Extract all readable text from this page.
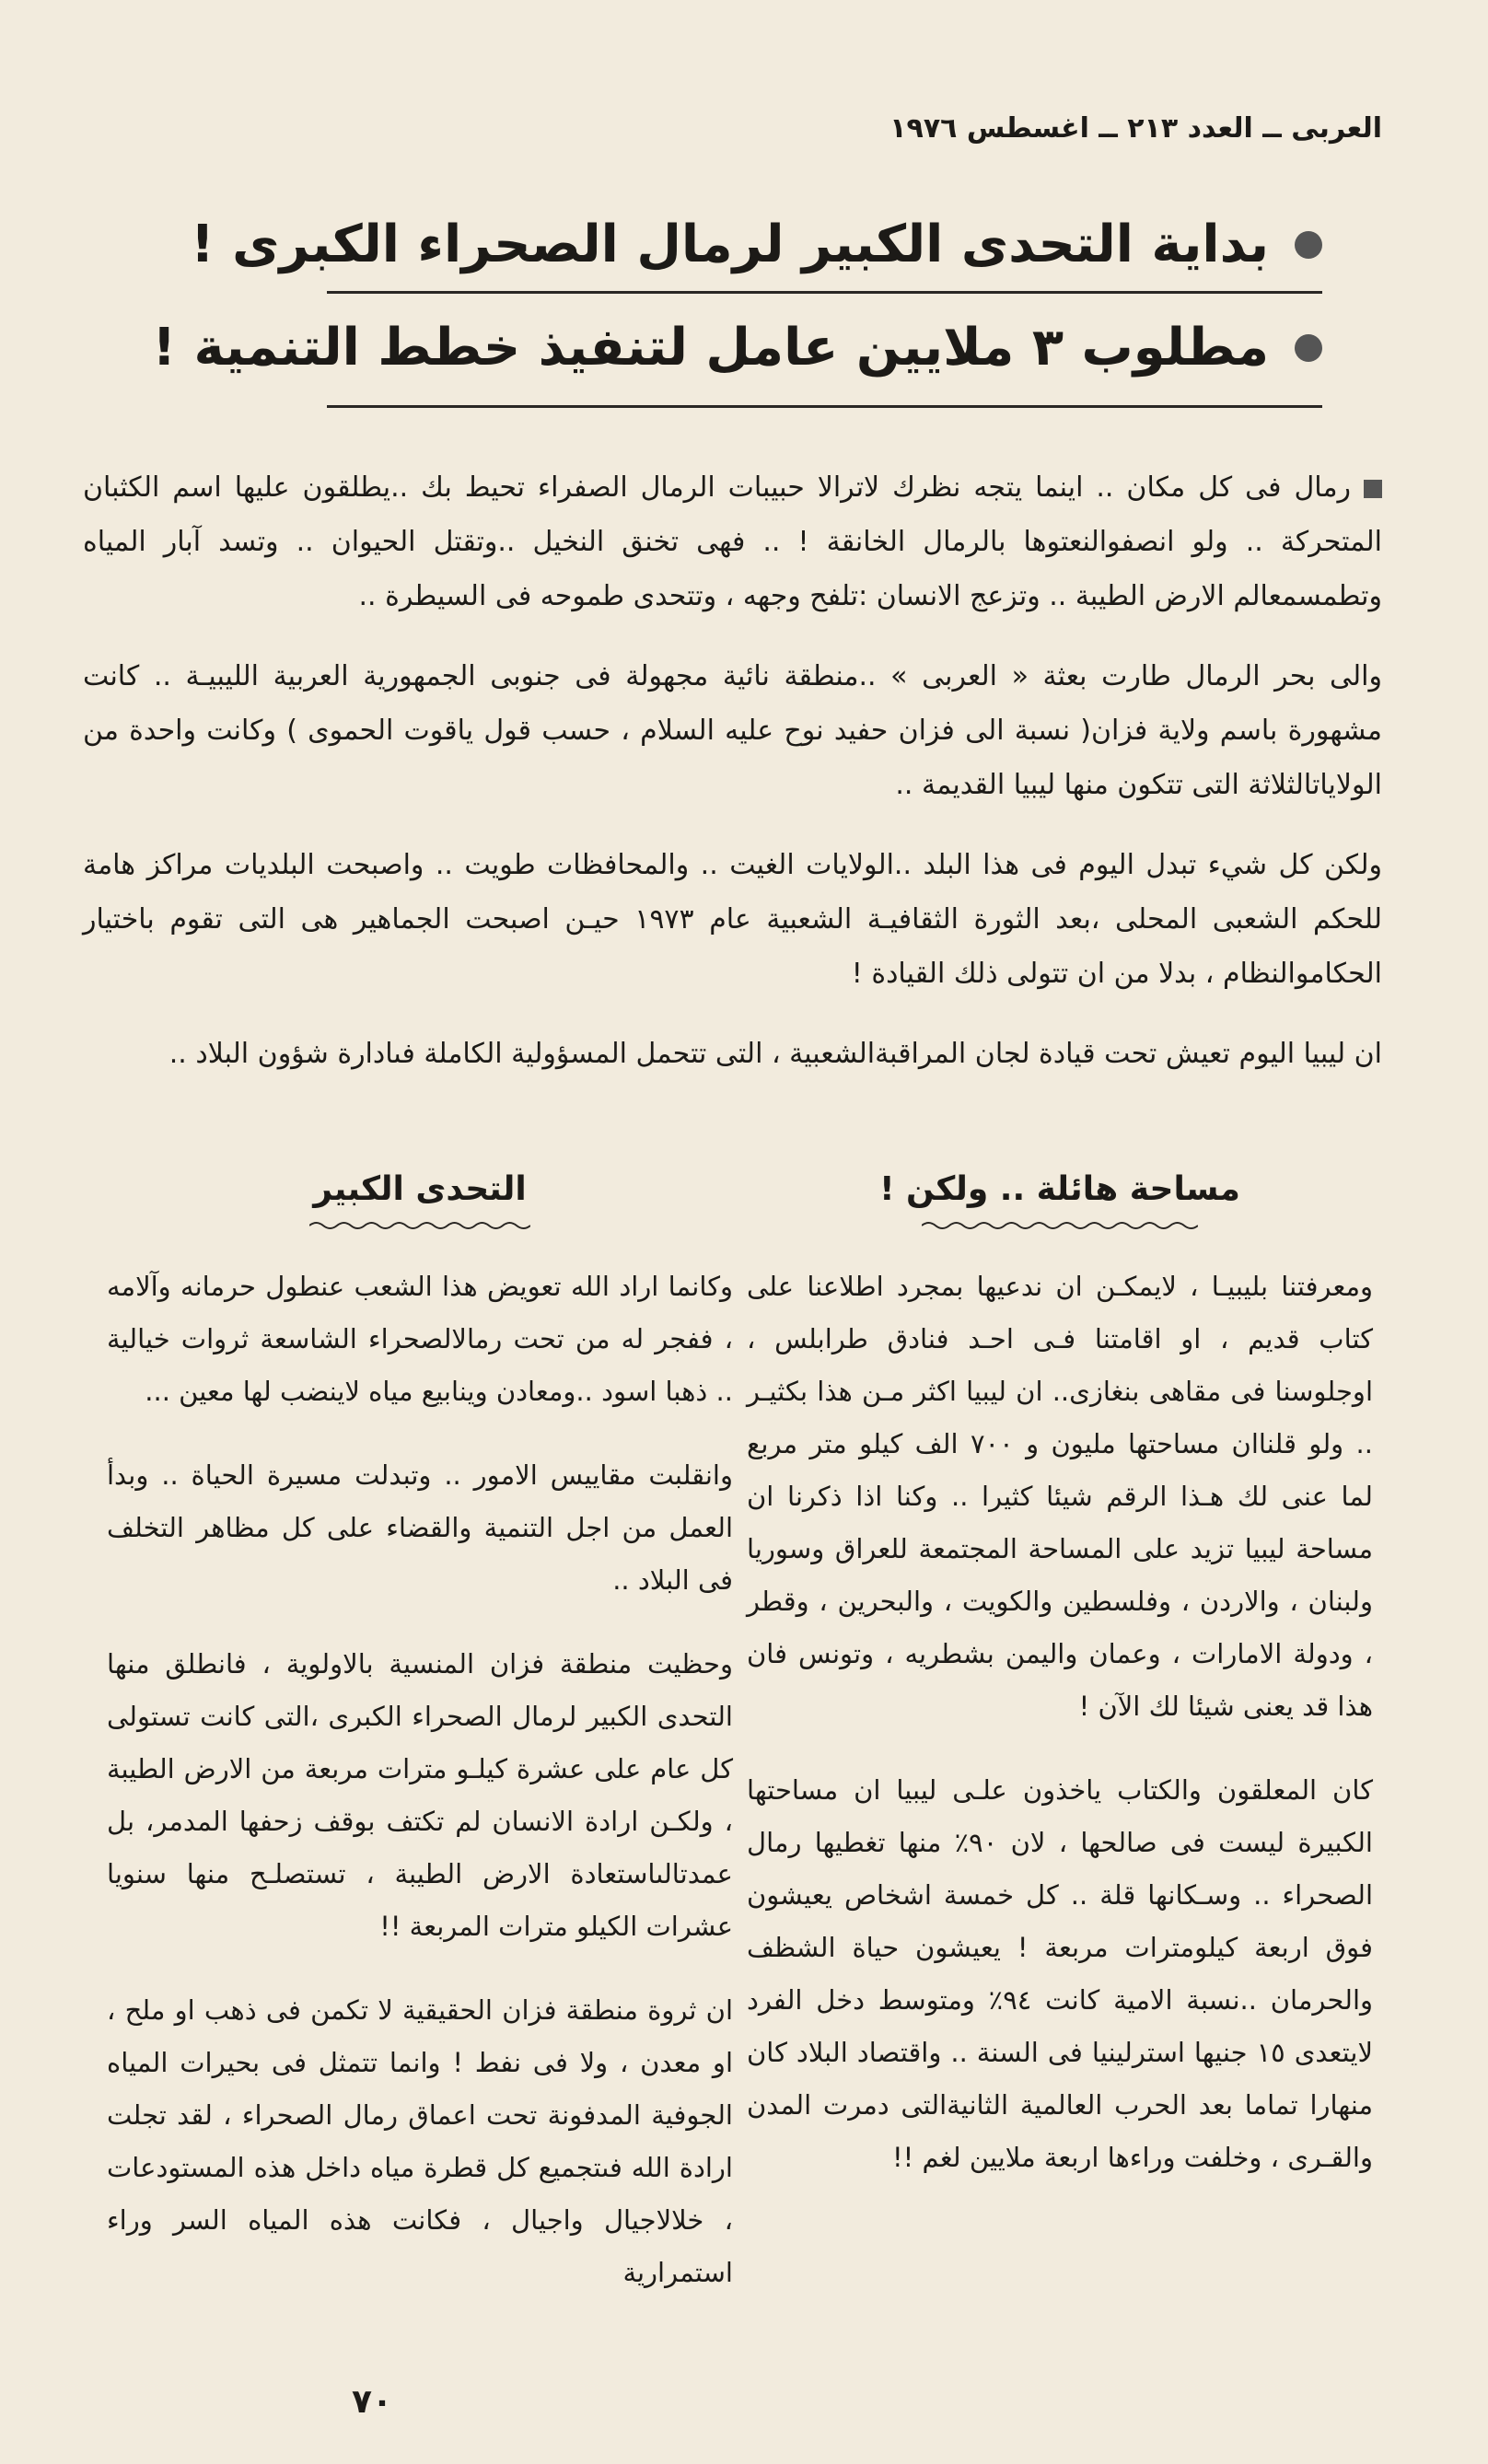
العربى ــ العدد ٢١٣ ــ اغسطس ١٩٧٦
بداية التحدى الكبير لرمال الصحراء الكبرى !
مطلوب ٣ ملايين عامل لتنفيذ خطط التنمية !

رمال فى كل مكان .. اينما يتجه نظرك لاترالا حبيبات الرمال الصفراء تحيط بك ..يطلقون عليها اسم الكثبان المتحركة .. ولو انصفوالنعتوها بالرمال الخانقة ! .. فهى تخنق النخيل ..وتقتل الحيوان .. وتسد آبار المياه وتطمسمعالم الارض الطيبة .. وتزعج الانسان :تلفح وجهه ، وتتحدى طموحه فى السيطرة ..

والى بحر الرمال طارت بعثة « العربى » ..منطقة نائية مجهولة فى جنوبى الجمهورية العربية الليبيـة .. كانت مشهورة باسم ولاية فزان( نسبة الى فزان حفيد نوح عليه السلام ، حسب قول ياقوت الحموى ) وكانت واحدة من الولاياتالثلاثة التى تتكون منها ليبيا القديمة ..

ولكن كل شيء تبدل اليوم فى هذا البلد ..الولايات الغيت .. والمحافظات طويت .. واصبحت البلديات مراكز هامة للحكم الشعبى المحلى ،بعد الثورة الثقافيـة الشعبية عام ١٩٧٣ حيـن اصبحت الجماهير هى التى تقوم باختيار الحكاموالنظام ، بدلا من ان تتولى ذلك القيادة !

ان ليبيا اليوم تعيش تحت قيادة لجان المراقبةالشعبية ، التى تتحمل المسؤولية الكاملة فىادارة شؤون البلاد ..

مساحة هائلة .. ولكن !

ومعرفتنا بليبيـا ، لايمكـن ان ندعيها بمجرد اطلاعنا على كتاب قديم ، او اقامتنا فـى احـد فنادق طرابلس ، اوجلوسنا فى مقاهى بنغازى.. ان ليبيا اكثر مـن هذا بكثيـر .. ولو قلناان مساحتها مليون و ٧٠٠ الف كيلو متر مربع لما عنى لك هـذا الرقم شيئا كثيرا .. وكنا اذا ذكرنا ان مساحة ليبيا تزيد على المساحة المجتمعة للعراق وسوريا ولبنان ، والاردن ، وفلسطين والكويت ، والبحرين ، وقطر ، ودولة الامارات ، وعمان واليمن بشطريه ، وتونس فان هذا قد يعنى شيئا لك الآن !

كان المعلقون والكتاب ياخذون علـى ليبيا ان مساحتها الكبيرة ليست فى صالحها ، لان ٩٠٪ منها تغطيها رمال الصحراء .. وسـكانها قلة .. كل خمسة اشخاص يعيشون فوق اربعة كيلومترات مربعة ! يعيشون حياة الشظف والحرمان ..نسبة الامية كانت ٩٤٪ ومتوسط دخل الفرد لايتعدى ١٥ جنيها استرلينيا فى السنة .. واقتصاد البلاد كان منهارا تماما بعد الحرب العالمية الثانيةالتى دمرت المدن والقـرى ، وخلفت وراءها اربعة ملايين لغم !!

التحدى الكبير

وكانما اراد الله تعويض هذا الشعب عنطول حرمانه وآلامه ، ففجر له من تحت رمالالصحراء الشاسعة ثروات خيالية .. ذهبا اسود ..ومعادن وينابيع مياه لاينضب لها معين ...

وانقلبت مقاييس الامور .. وتبدلت مسيرة الحياة .. وبدأ العمل من اجل التنمية والقضاء على كل مظاهر التخلف فى البلاد ..

وحظيت منطقة فزان المنسية بالاولوية ، فانطلق منها التحدى الكبير لرمال الصحراء الكبرى ،التى كانت تستولى كل عام على عشرة كيلـو مترات مربعة من الارض الطيبة ، ولكـن ارادة الانسان لم تكتف بوقف زحفها المدمر، بل عمدتالىاستعادة الارض الطيبة ، تستصلـح منها سنويا عشرات الكيلو مترات المربعة !!

ان ثروة منطقة فزان الحقيقية لا تكمن فى ذهب او ملح ، او معدن ، ولا فى نفط ! وانما تتمثل فى بحيرات المياه الجوفية المدفونة تحت اعماق رمال الصحراء ، لقد تجلت ارادة الله فىتجميع كل قطرة مياه داخل هذه المستودعات ، خلالاجيال واجيال ، فكانت هذه المياه السر وراء استمرارية

٧٠
